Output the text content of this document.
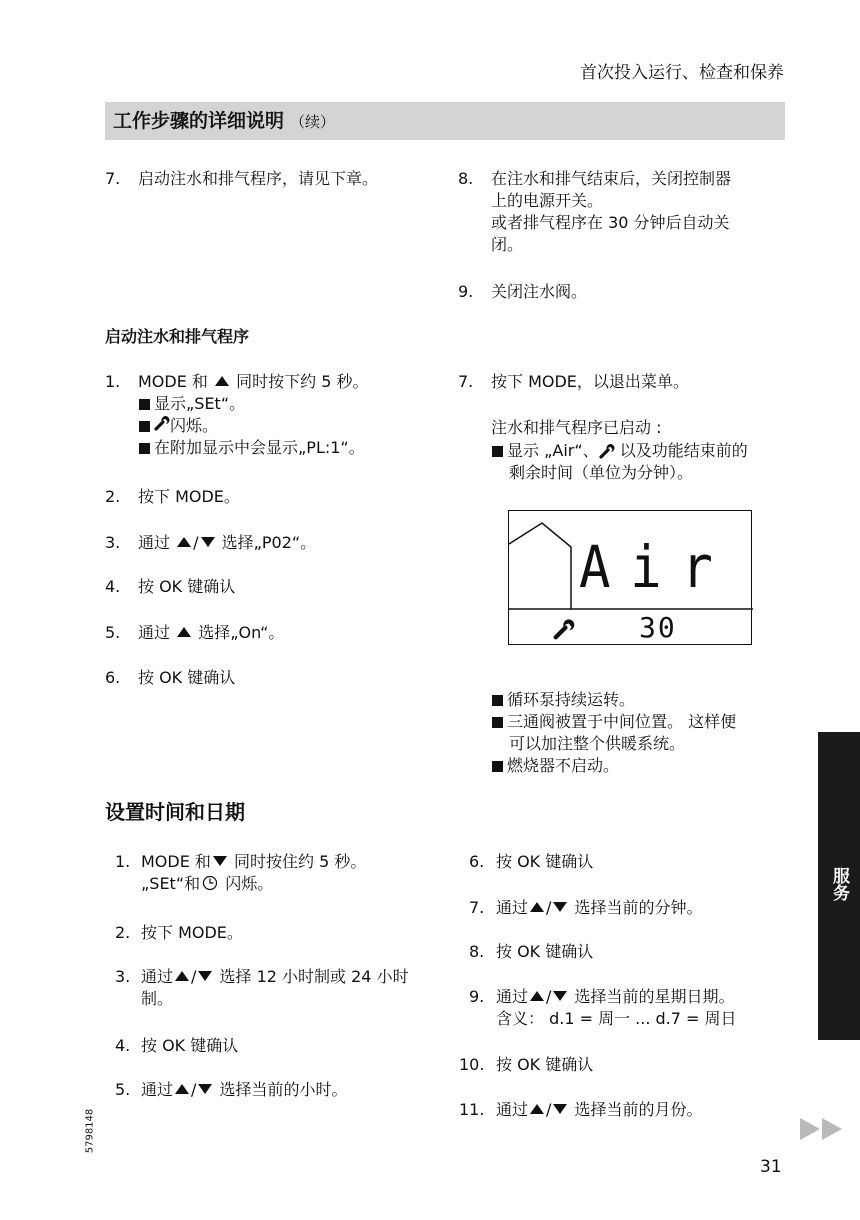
首次投入运行、检查和保养
工作步骤的详细说明 （续）
7. 启动注水和排气程序，请见下章。	8. 在注水和排气结束后，关闭控制器
上的电源开关。
或者排气程序在 30 分钟后自动关
闭。
9. 关闭注水阀。
启动注水和排气程序
1. MODE 和 同时按下约 5 秒。
显示„SEt“。
闪烁。
在附加显示中会显示„PL:1“。
2. 按下 MODE。
3. 通过 / 选择„P02“。
4. 按 OK 键确认
5. 通过 选择„On“。
6. 按 OK 键确认
7. 按下 MODE，以退出菜单。
注水和排气程序已启动 :
显示 „Air“、 以及功能结束前的
剩余时间（单位为分钟）。
Air
30
循环泵持续运转。
三通阀被置于中间位置。 这样便
可以加注整个供暖系统。
燃烧器不启动。
设置时间和日期
1. MODE 和 同时按住约 5 秒。
„SEt“和 闪烁。
2. 按下 MODE。
3. 通过 / 选择 12 小时制或 24 小时
制。
4. 按 OK 键确认
5. 通过 / 选择当前的小时。
6. 按 OK 键确认
7. 通过 / 选择当前的分钟。
8. 按 OK 键确认
9. 通过 / 选择当前的星期日期。
含义： d.1 = 周一 ... d.7 = 周日
10. 按 OK 键确认
11. 通过 / 选择当前的月份。
服务
5798148
31
